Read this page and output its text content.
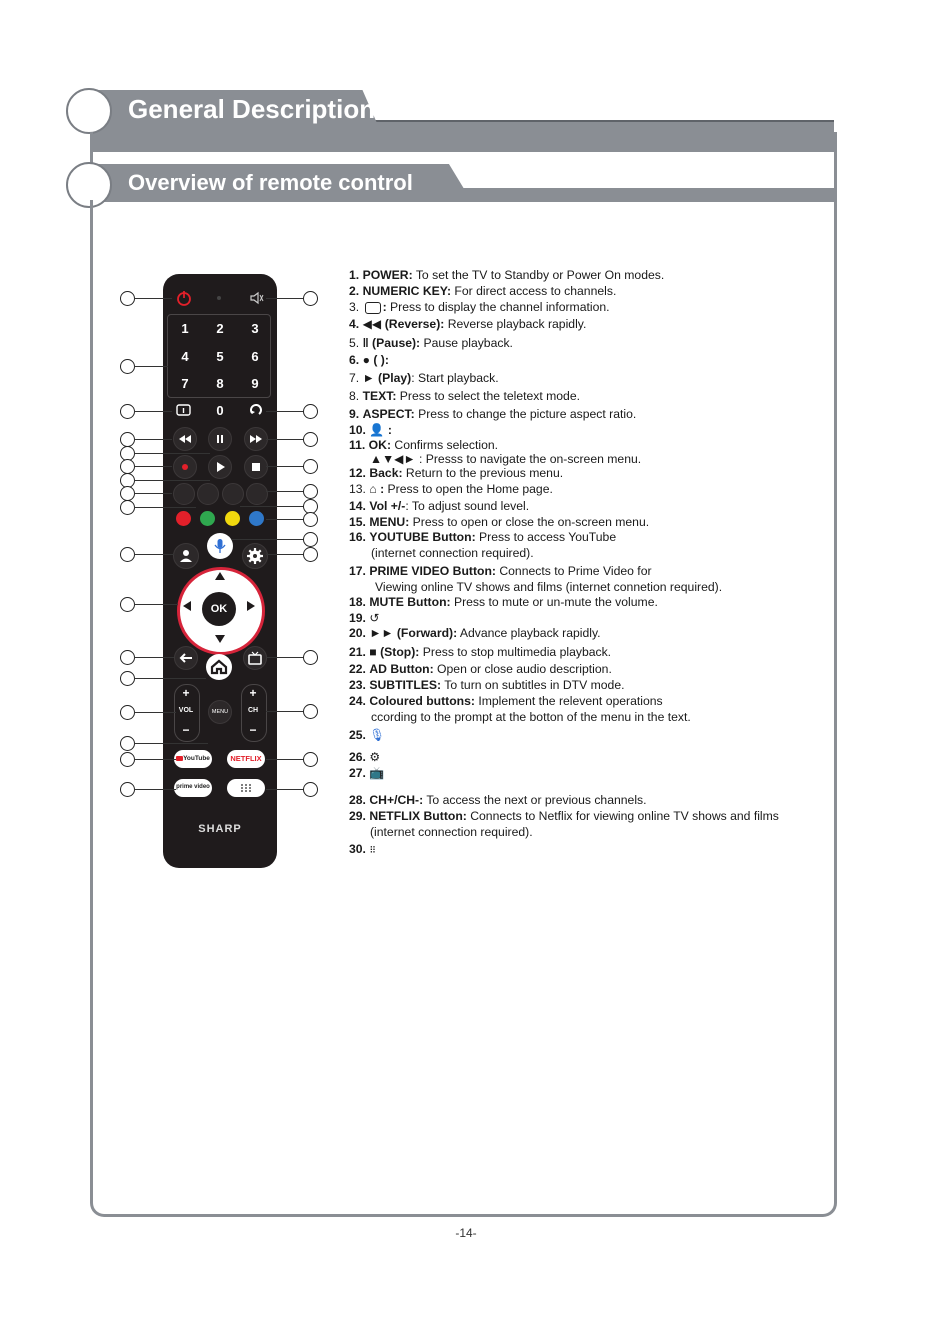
General Description
Overview of remote control
1	2	3
4	5	6
7	8	9
0
OK
+
VOL
−
MENU
+
CH
−
YouTube	NETFLIX
prime video
SHARP
1. POWER: To set the TV to Standby or Power On modes.
2. NUMERIC KEY: For direct access to channels.
3. : Press to display the channel information.
4. ◀◀ (Reverse): Reverse playback rapidly.
5. ‖ (Pause): Pause playback.
6. ● ( ):
7. ► (Play): Start playback.
8. TEXT: Press to select the teletext mode.
9. ASPECT: Press to change the picture aspect ratio.
10. 👤 :
11. OK: Confirms selection.
▲▼◀► : Presss to navigate the on-screen menu.
12. Back: Return to the previous menu.
13. ⌂ : Press to open the Home page.
14. Vol +/-: To adjust sound level.
15. MENU: Press to open or close the on-screen menu.
16. YOUTUBE Button: Press to access YouTube
(internet connection required).
17. PRIME VIDEO Button: Connects to Prime Video for
Viewing online TV shows and films (internet connetion required).
18. MUTE Button: Press to mute or un-mute the volume.
19. ↺
20. ►► (Forward): Advance playback rapidly.
21. ■ (Stop): Press to stop multimedia playback.
22. AD Button: Open or close audio description.
23. SUBTITLES: To turn on subtitles in DTV mode.
24. Coloured buttons: Implement the relevent operations
ccording to the prompt at the botton of the menu in the text.
25. 🎙
26. ⚙
27. 📺
28. CH+/CH-: To access the next or previous channels.
29. NETFLIX Button: Connects to Netflix for viewing online TV shows and films
(internet connection required).
30. ⠿
-14-
